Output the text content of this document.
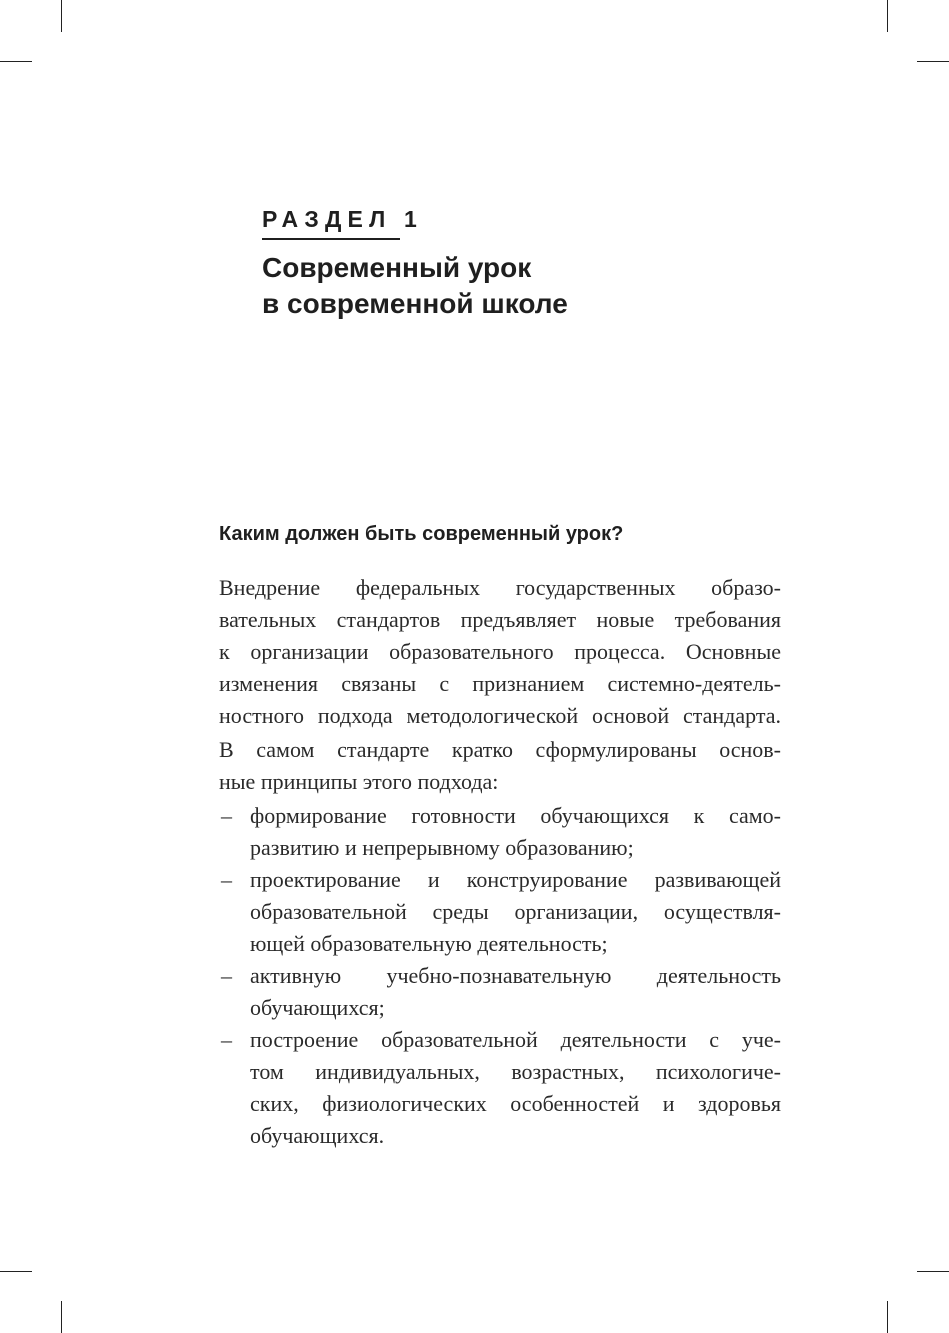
РАЗДЕЛ 1

Современный урок
в современной школе
Каким должен быть современный урок?

Внедрение федеральных государственных образо-
вательных стандартов предъявляет новые требования
к организации образовательного процесса. Основные
изменения связаны с признанием системно-деятель-
ностного подхода методологической основой стандарта.

В самом стандарте кратко сформулированы основ-
ные принципы этого подхода:

– формирование готовности обучающихся к само-
развитию и непрерывному образованию;
– проектирование и конструирование развивающей
образовательной среды организации, осуществля-
ющей образовательную деятельность;
– активную учебно-познавательную деятельность
обучающихся;
– построение образовательной деятельности с уче-
том индивидуальных, возрастных, психологиче-
ских, физиологических особенностей и здоровья
обучающихся.
